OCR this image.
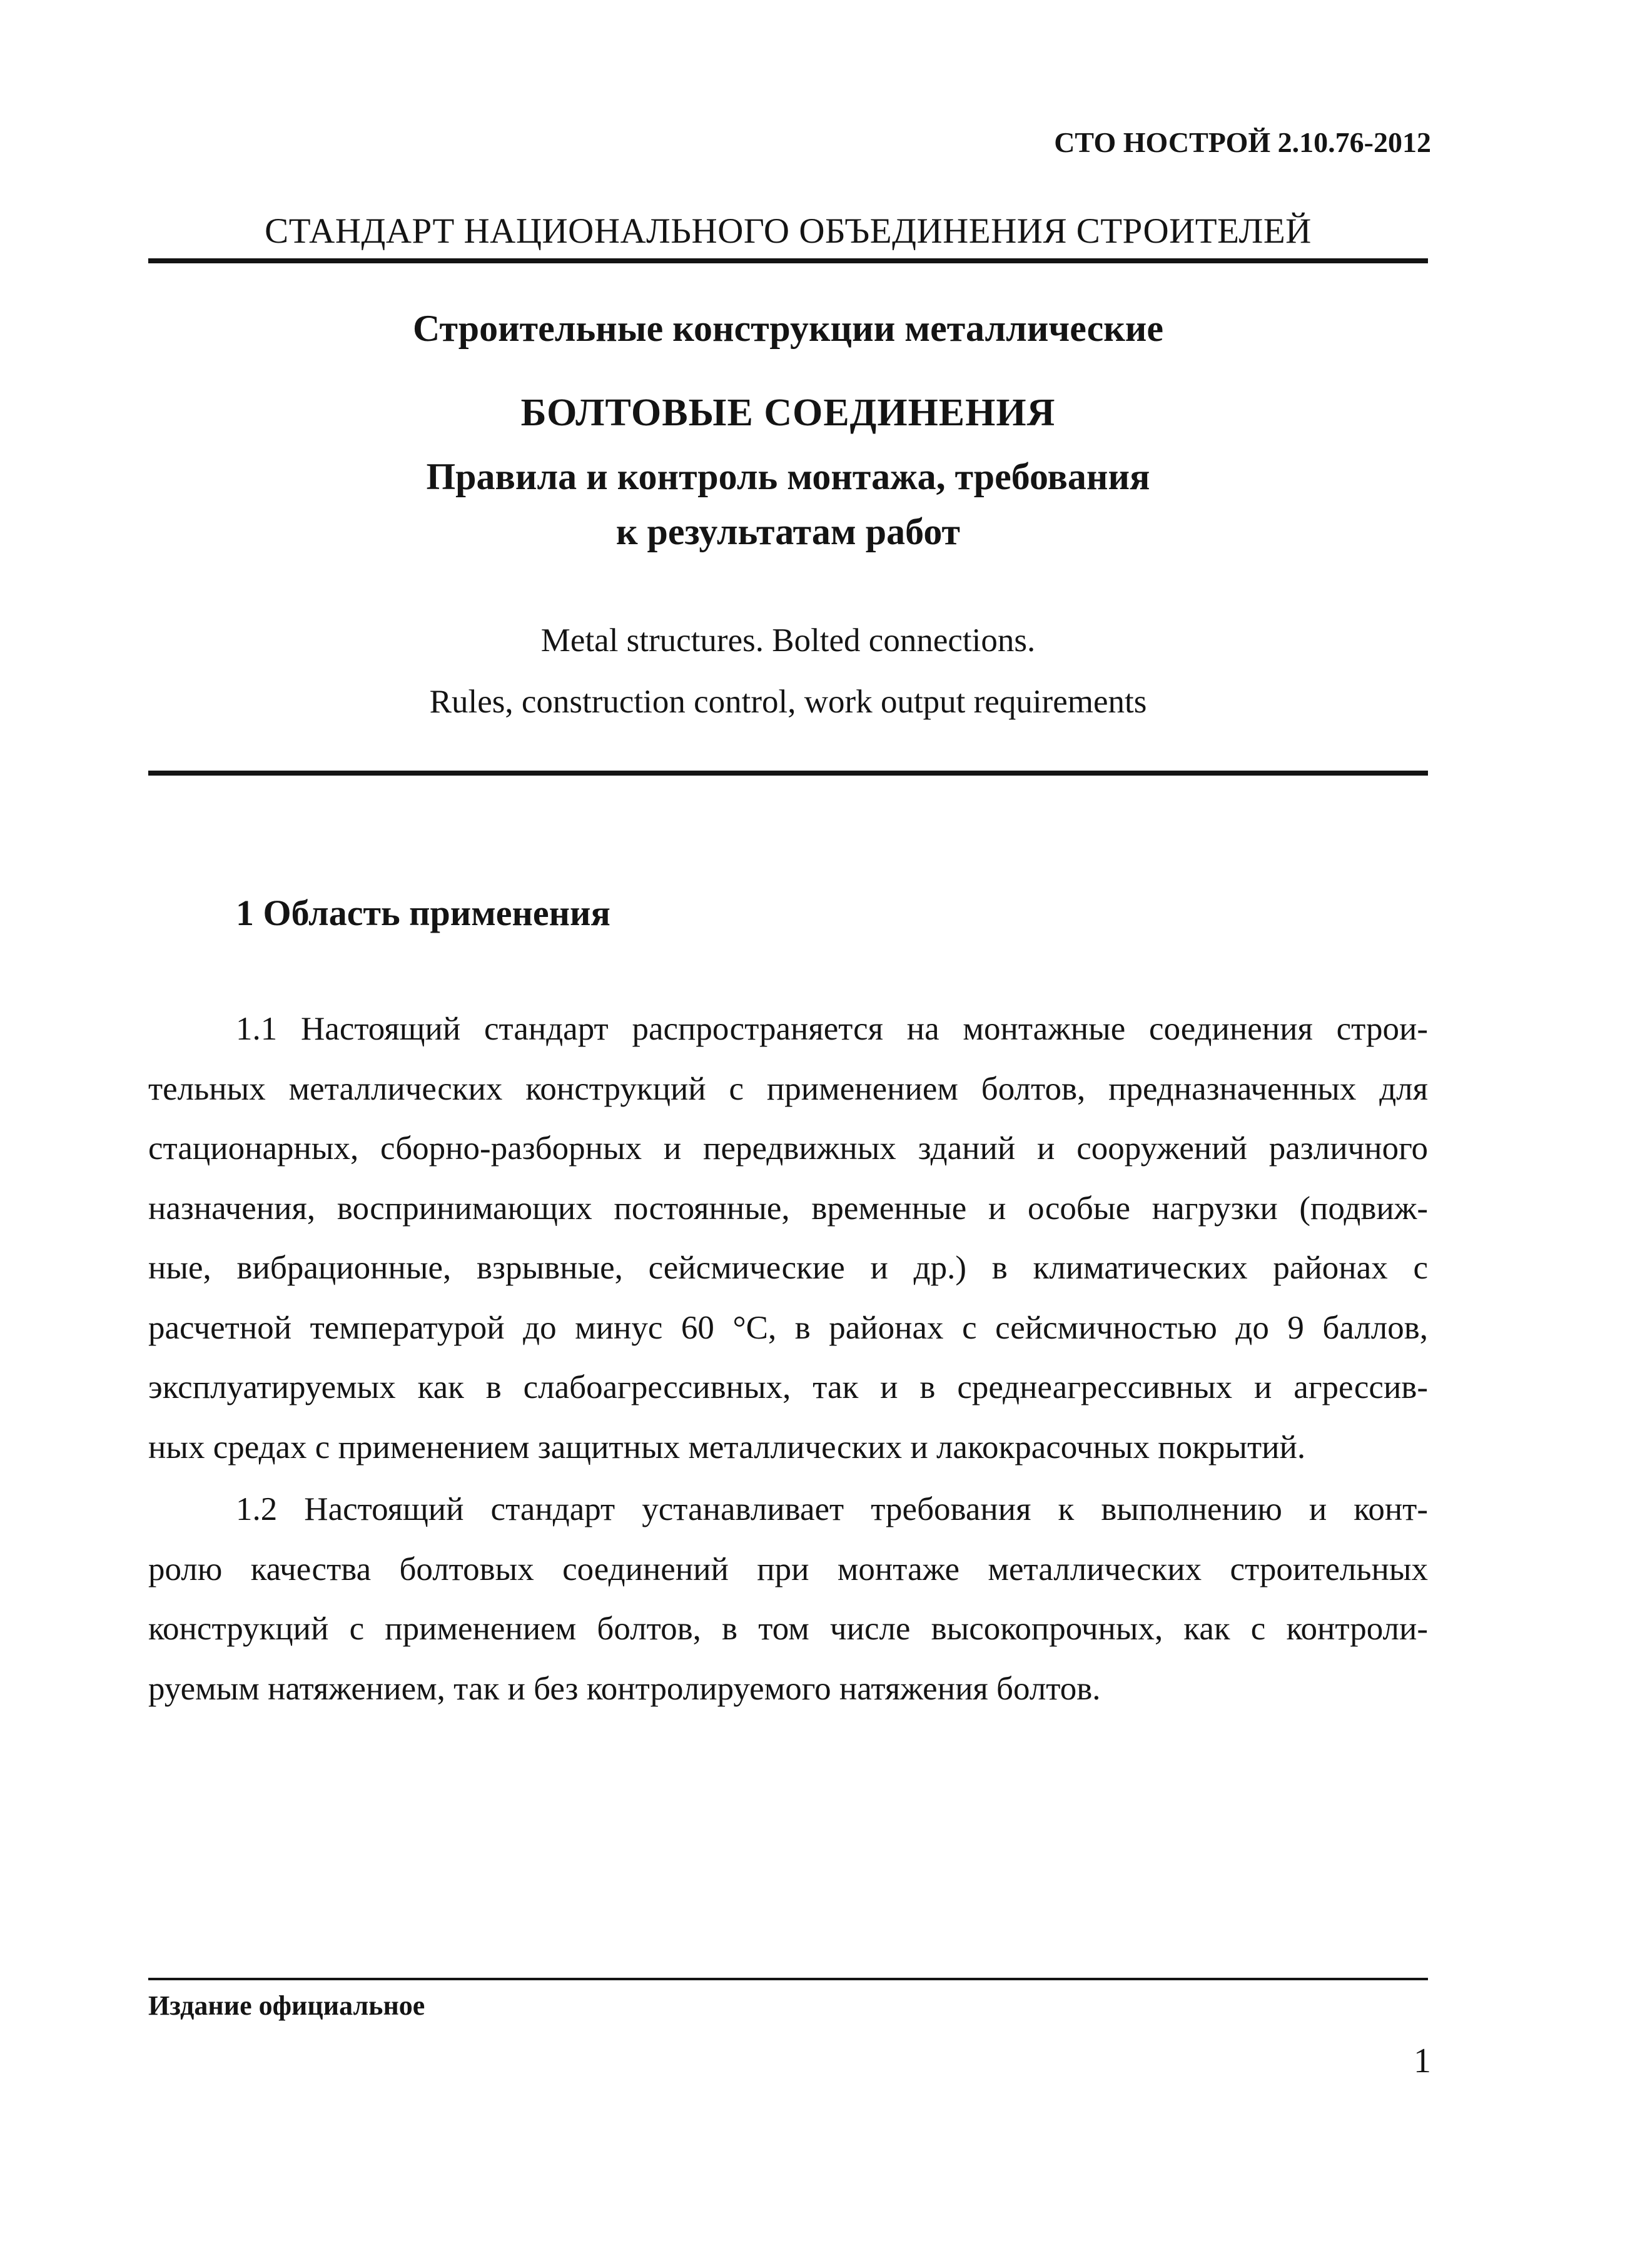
СТО НОСТРОЙ 2.10.76-2012
СТАНДАРТ НАЦИОНАЛЬНОГО ОБЪЕДИНЕНИЯ СТРОИТЕЛЕЙ
Строительные конструкции металлические
БОЛТОВЫЕ СОЕДИНЕНИЯ
Правила и контроль монтажа, требования
к результатам работ
Metal structures. Bolted connections.
Rules, construction control, work output requirements
1 Область применения
1.1 Настоящий стандарт распространяется на монтажные соединения строи-
тельных металлических конструкций с применением болтов, предназначенных для
стационарных, сборно-разборных и передвижных зданий и сооружений различного
назначения, воспринимающих постоянные, временные и особые нагрузки (подвиж-
ные, вибрационные, взрывные, сейсмические и др.) в климатических районах с
расчетной температурой до минус 60 °С, в районах с сейсмичностью до 9 баллов,
эксплуатируемых как в слабоагрессивных, так и в среднеагрессивных и агрессив-
ных средах с применением защитных металлических и лакокрасочных покрытий.
1.2 Настоящий стандарт устанавливает требования к выполнению и конт-
ролю качества болтовых соединений при монтаже металлических строительных
конструкций с применением болтов, в том числе высокопрочных, как с контроли-
руемым натяжением, так и без контролируемого натяжения болтов.
Издание официальное
1
